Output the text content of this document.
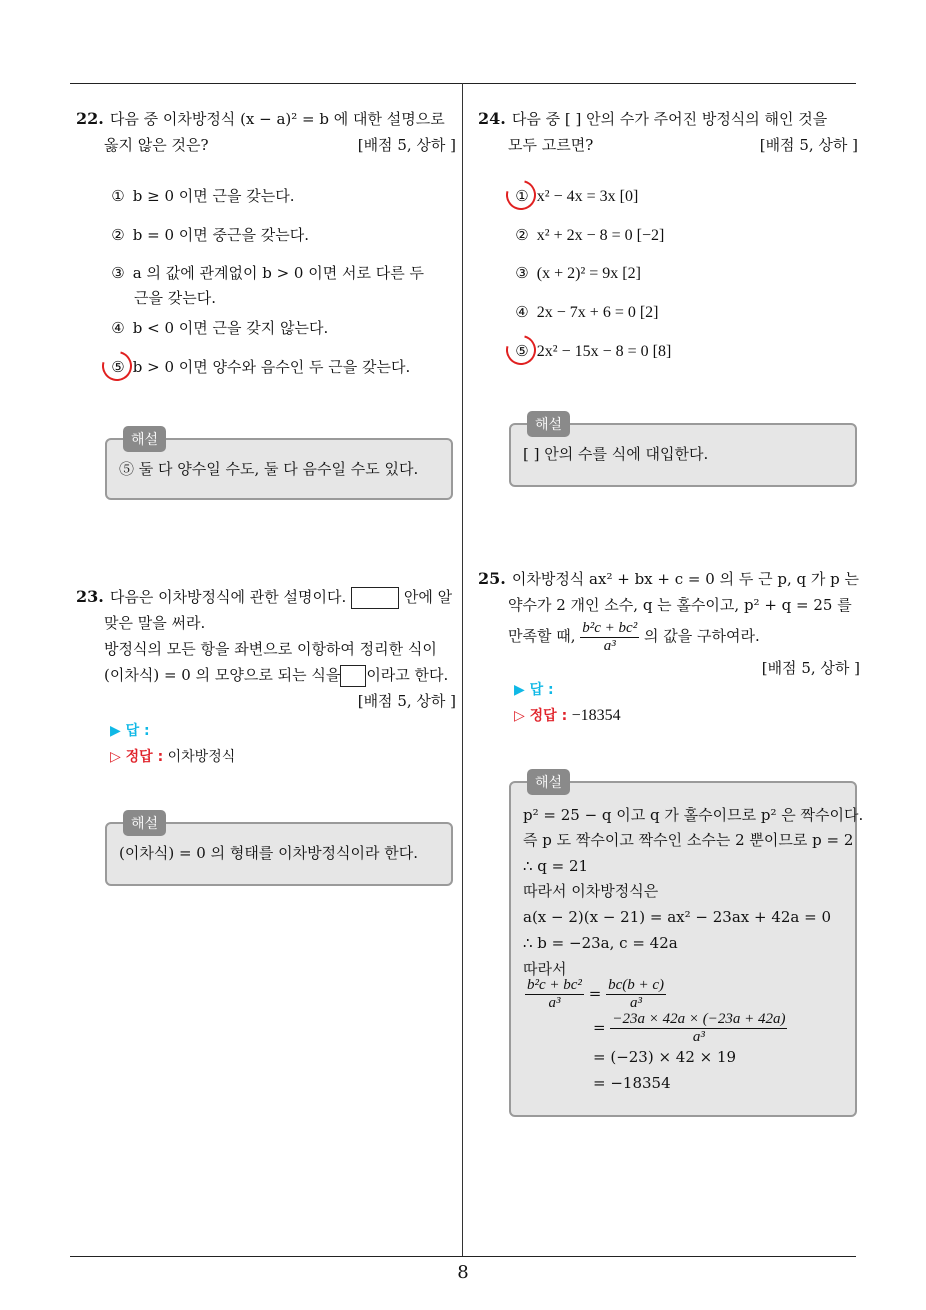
8
22. 다음 중 이차방정식 (x − a)² = b 에 대한 설명으로
옳지 않은 것은?	[배점 5, 상하 ]
① b ≥ 0 이면 근을 갖는다.
② b = 0 이면 중근을 갖는다.
③ a 의 값에 관계없이 b > 0 이면 서로 다른 두
근을 갖는다.
④ b < 0 이면 근을 갖지 않는다.
⑤ b > 0 이면 양수와 음수인 두 근을 갖는다.
해설
⑤ 둘 다 양수일 수도, 둘 다 음수일 수도 있다.
23. 다음은 이차방정식에 관한 설명이다.	안에 알
맞은 말을 써라.
방정식의 모든 항을 좌변으로 이항하여 정리한 식이
(이차식) = 0 의 모양으로 되는 식을 이라고 한다.
[배점 5, 상하 ]
▶ 답 :
▷ 정답 : 이차방정식
해설
(이차식) = 0 의 형태를 이차방정식이라 한다.
24. 다음 중 [ ] 안의 수가 주어진 방정식의 해인 것을
모두 고르면?	[배점 5, 상하 ]
① x² − 4x = 3x [0]
② x² + 2x − 8 = 0 [−2]
③ (x + 2)² = 9x [2]
④ 2x − 7x + 6 = 0 [2]
⑤ 2x² − 15x − 8 = 0 [8]
해설
[ ] 안의 수를 식에 대입한다.
25. 이차방정식 ax² + bx + c = 0 의 두 근 p, q 가 p 는
약수가 2 개인 소수, q 는 홀수이고, p² + q = 25 를
만족할 때, $\frac{\text{b²c + bc²}}{\text{a³}}$ 의 값을 구하여라.
[배점 5, 상하 ]
▶ 답 :
▷ 정답 : −18354
해설
p² = 25 − q 이고 q 가 홀수이므로 p² 은 짝수이다.
즉 p 도 짝수이고 짝수인 소수는 2 뿐이므로 p = 2
∴ q = 21
따라서 이차방정식은
a(x − 2)(x − 21) = ax² − 23ax + 42a = 0
∴ b = −23a, c = 42a
따라서
$\frac{\text{b²c + bc²}}{\text{a³}} = \frac{bc(b + c)}{\text{a³}}$
= $\frac{-23a \times 42a \times (-23a + 42a)}{\text{a³}}$
= (−23) × 42 × 19
= −18354
